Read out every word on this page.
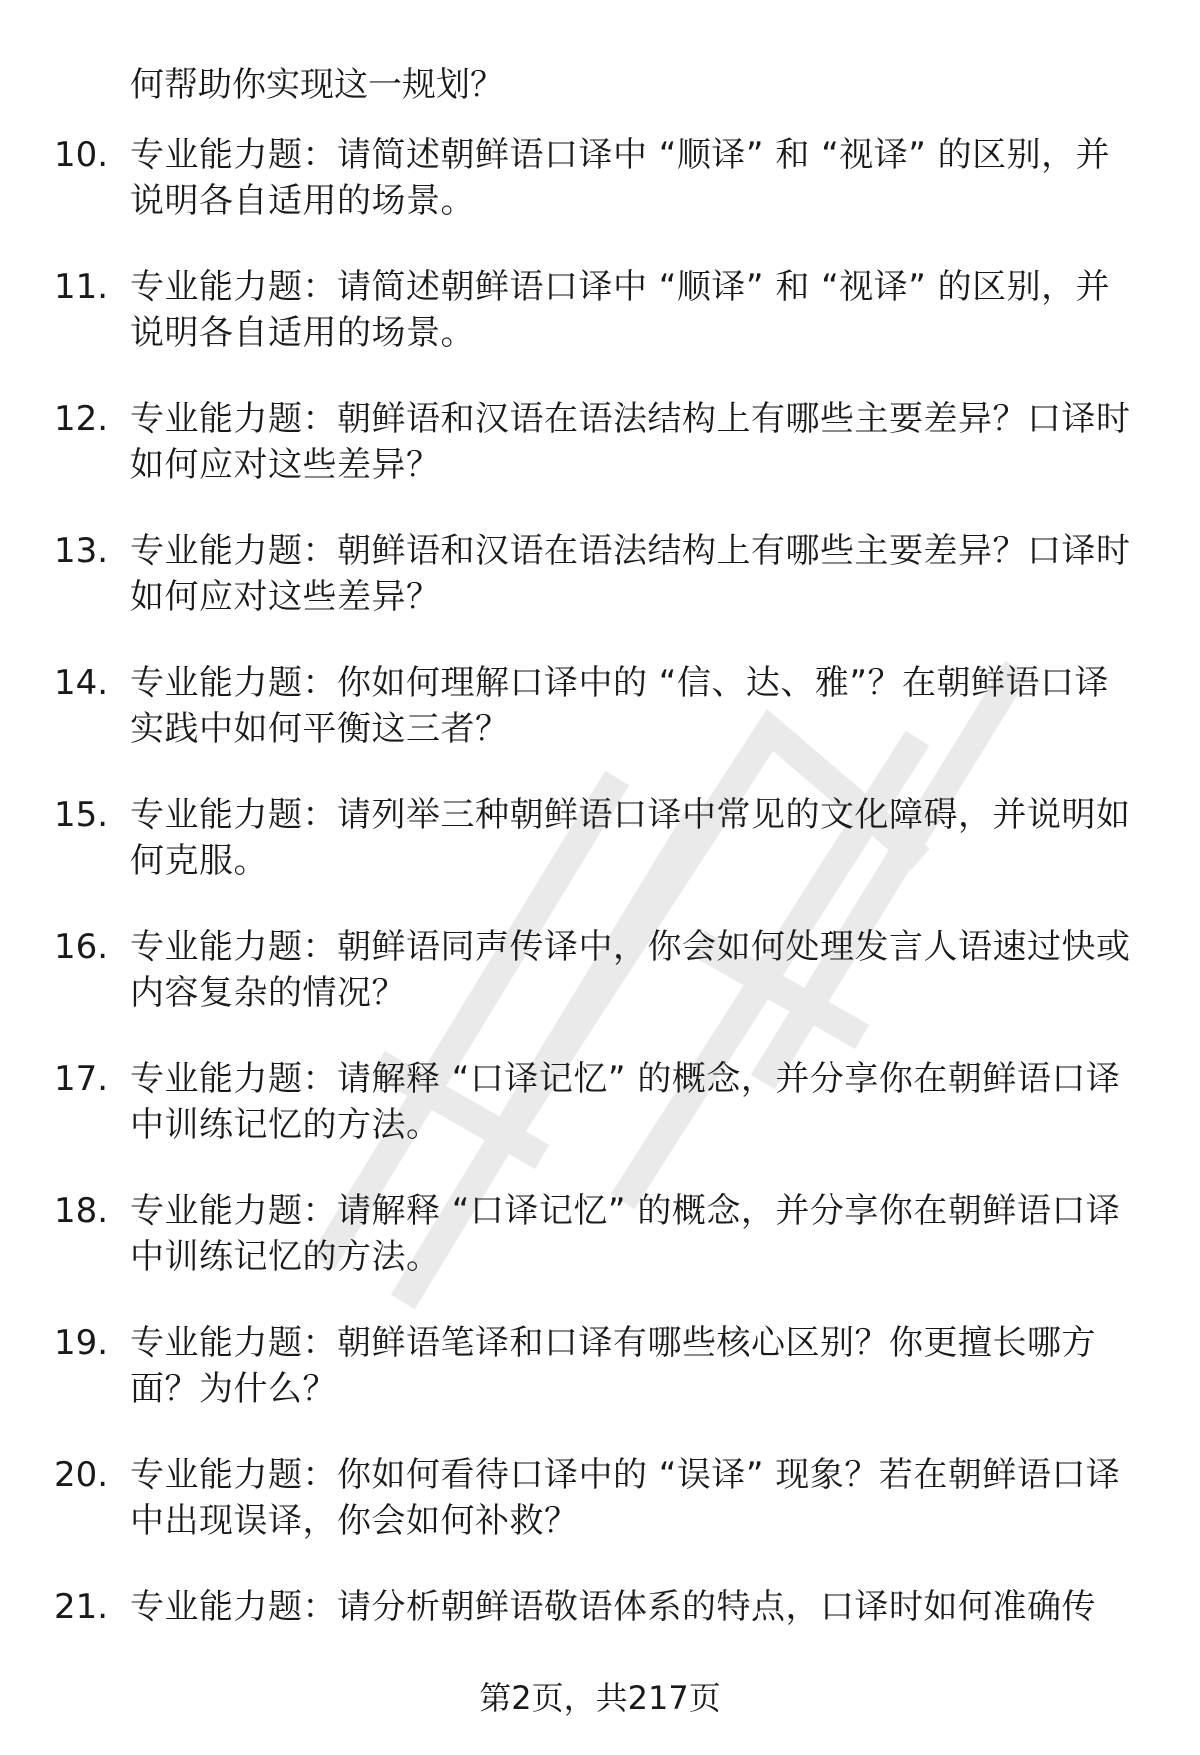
何帮助你实现这一规划？
10. 专业能力题：请简述朝鲜语口译中 “顺译” 和 “视译” 的区别，并说明各自适用的场景。
11. 专业能力题：请简述朝鲜语口译中 “顺译” 和 “视译” 的区别，并说明各自适用的场景。
12. 专业能力题：朝鲜语和汉语在语法结构上有哪些主要差异？口译时如何应对这些差异？
13. 专业能力题：朝鲜语和汉语在语法结构上有哪些主要差异？口译时如何应对这些差异？
14. 专业能力题：你如何理解口译中的 “信、达、雅”？在朝鲜语口译实践中如何平衡这三者？
15. 专业能力题：请列举三种朝鲜语口译中常见的文化障碍，并说明如何克服。
16. 专业能力题：朝鲜语同声传译中，你会如何处理发言人语速过快或内容复杂的情况？
17. 专业能力题：请解释 “口译记忆” 的概念，并分享你在朝鲜语口译中训练记忆的方法。
18. 专业能力题：请解释 “口译记忆” 的概念，并分享你在朝鲜语口译中训练记忆的方法。
19. 专业能力题：朝鲜语笔译和口译有哪些核心区别？你更擅长哪方面？为什么？
20. 专业能力题：你如何看待口译中的 “误译” 现象？若在朝鲜语口译中出现误译，你会如何补救？
21. 专业能力题：请分析朝鲜语敬语体系的特点，口译时如何准确传
第2页，共217页
